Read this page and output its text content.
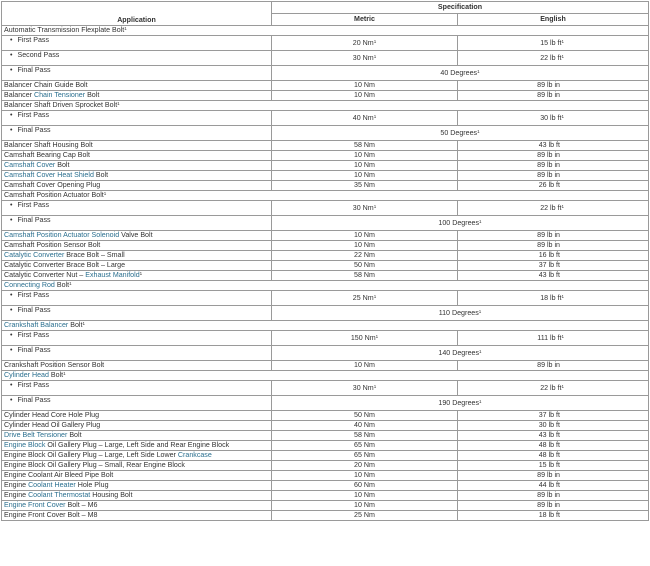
Application	Specification	
	Metric	English
Automatic Transmission Flexplate Bolt$^1$
• First Pass	20 Nm$^1$	15 lb $ft^1$
• Second Pass	30 Nm$^1$	22 lb $ft^1$
• Final Pass	40 Degrees$^1$
Balancer Chain Guide Bolt	10 Nm	89 lb in
Balancer Chain Tensioner Bolt	10 Nm	89 lb in
Balancer Shaft Driven Sprocket Bolt$^1$
• First Pass	40 Nm$^1$	30 lb $ft^1$
• Final Pass	50 Degrees$^1$
Balancer Shaft Housing Bolt	58 Nm	43 lb ft
Camshaft Bearing Cap Bolt	10 Nm	89 lb in
Camshaft Cover Bolt	10 Nm	89 lb in
Camshaft Cover Heat Shield Bolt	10 Nm	89 lb in
Camshaft Cover Opening Plug	35 Nm	26 lb ft
Camshaft Position Actuator Bolt$^1$
• First Pass	30 Nm$^1$	22 lb $ft^1$
• Final Pass	100 Degrees$^1$
Camshaft Position Actuator Solenoid Valve Bolt	10 Nm	89 lb in
Camshaft Position Sensor Bolt	10 Nm	89 lb in
Catalytic Converter Brace Bolt – Small	22 Nm	16 lb ft
Catalytic Converter Brace Bolt – Large	50 Nm	37 lb ft
Catalytic Converter Nut – Exhaust Manifold$^1$	58 Nm	43 lb ft
Connecting Rod Bolt$^1$
• First Pass	25 Nm$^1$	18 lb $ft^1$
• Final Pass	110 Degrees$^1$
Crankshaft Balancer Bolt$^1$
• First Pass	150 Nm$^1$	111 lb $ft^1$
• Final Pass	140 Degrees$^1$
Crankshaft Position Sensor Bolt	10 Nm	89 lb in
Cylinder Head Bolt$^1$
• First Pass	30 Nm$^1$	22 lb $ft^1$
• Final Pass	190 Degrees$^1$
Cylinder Head Core Hole Plug	50 Nm	37 lb ft
Cylinder Head Oil Gallery Plug	40 Nm	30 lb ft
Drive Belt Tensioner Bolt	58 Nm	43 lb ft
Engine Block Oil Gallery Plug – Large, Left Side and Rear Engine Block	65 Nm	48 lb ft
Engine Block Oil Gallery Plug – Large, Left Side Lower Crankcase	65 Nm	48 lb ft
Engine Block Oil Gallery Plug – Small, Rear Engine Block	20 Nm	15 lb ft
Engine Coolant Air Bleed Pipe Bolt	10 Nm	89 lb in
Engine Coolant Heater Hole Plug	60 Nm	44 lb ft
Engine Coolant Thermostat Housing Bolt	10 Nm	89 lb in
Engine Front Cover Bolt – M6	10 Nm	89 lb in
Engine Front Cover Bolt – M8	25 Nm	18 lb ft
